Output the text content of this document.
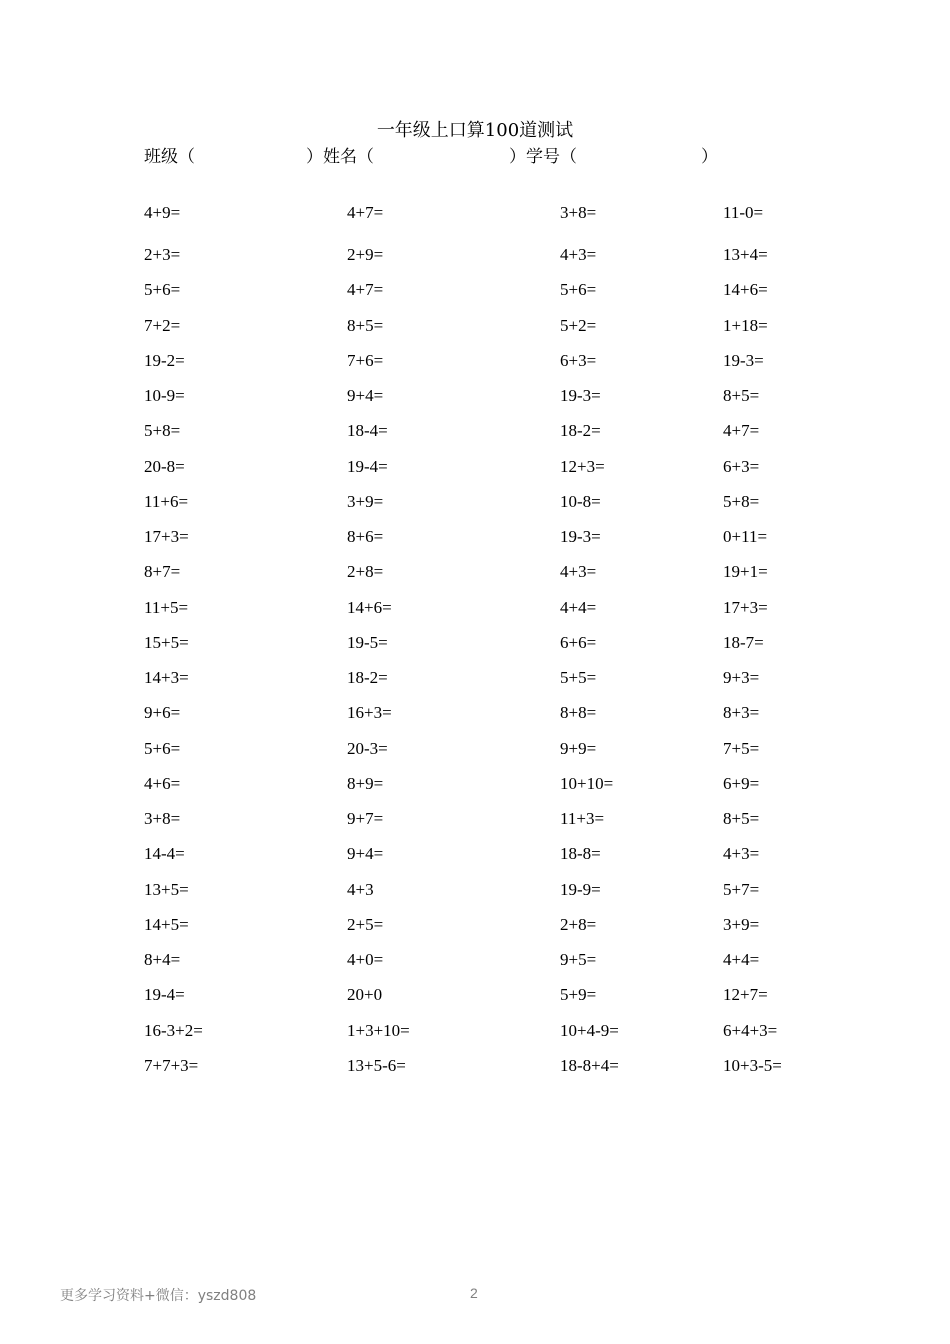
一年级上口算100道测试
班级（	）姓名（	）学号（	）
4+9=	4+7=	3+8=	11-0=
2+3=	2+9=	4+3=	13+4=
5+6=	4+7=	5+6=	14+6=
7+2=	8+5=	5+2=	1+18=
19-2=	7+6=	6+3=	19-3=
10-9=	9+4=	19-3=	8+5=
5+8=	18-4=	18-2=	4+7=
20-8=	19-4=	12+3=	6+3=
11+6=	3+9=	10-8=	5+8=
17+3=	8+6=	19-3=	0+11=
8+7=	2+8=	4+3=	19+1=
11+5=	14+6=	4+4=	17+3=
15+5=	19-5=	6+6=	18-7=
14+3=	18-2=	5+5=	9+3=
9+6=	16+3=	8+8=	8+3=
5+6=	20-3=	9+9=	7+5=
4+6=	8+9=	10+10=	6+9=
3+8=	9+7=	11+3=	8+5=
14-4=	9+4=	18-8=	4+3=
13+5=	4+3	19-9=	5+7=
14+5=	2+5=	2+8=	3+9=
8+4=	4+0=	9+5=	4+4=
19-4=	20+0	5+9=	12+7=
16-3+2=	1+3+10=	10+4-9=	6+4+3=
7+7+3=	13+5-6=	18-8+4=	10+3-5=
更多学习资料+微信：yszd808	2
